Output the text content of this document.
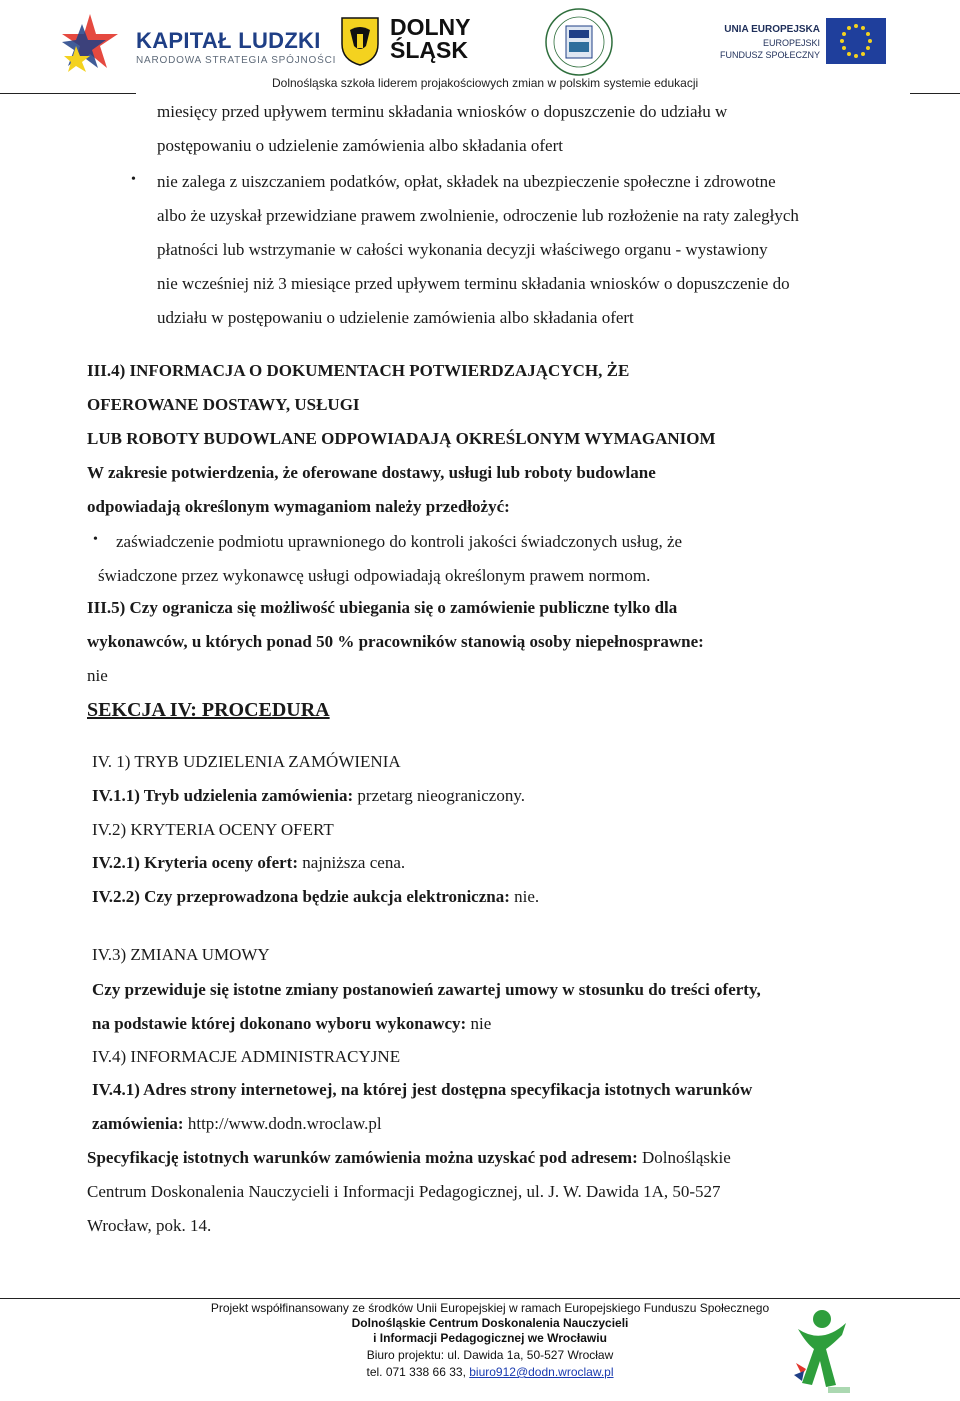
KAPITAŁ LUDZKI
NARODOWA STRATEGIA SPÓJNOŚCI
DOLNY
ŚLĄSK
UNIA EUROPEJSKA
EUROPEJSKI
FUNDUSZ SPOŁECZNY
Dolnośląska szkoła liderem projakościowych zmian w polskim systemie edukacji
miesięcy przed upływem terminu składania wniosków o dopuszczenie do udziału w
postępowaniu o udzielenie zamówienia albo składania ofert
• nie zalega z uiszczaniem podatków, opłat, składek na ubezpieczenie społeczne i zdrowotne
albo że uzyskał przewidziane prawem zwolnienie, odroczenie lub rozłożenie na raty zaległych
płatności lub wstrzymanie w całości wykonania decyzji właściwego organu - wystawiony
nie wcześniej niż 3 miesiące przed upływem terminu składania wniosków o dopuszczenie do
udziału w postępowaniu o udzielenie zamówienia albo składania ofert
III.4) INFORMACJA O DOKUMENTACH POTWIERDZAJĄCYCH, ŻE
OFEROWANE DOSTAWY, USŁUGI
LUB ROBOTY BUDOWLANE ODPOWIADAJĄ OKREŚLONYM WYMAGANIOM
W zakresie potwierdzenia, że oferowane dostawy, usługi lub roboty budowlane
odpowiadają określonym wymaganiom należy przedłożyć:
• zaświadczenie podmiotu uprawnionego do kontroli jakości świadczonych usług, że
świadczone przez wykonawcę usługi odpowiadają określonym prawem normom.
III.5) Czy ogranicza się możliwość ubiegania się o zamówienie publiczne tylko dla
wykonawców, u których ponad 50 % pracowników stanowią osoby niepełnosprawne:
nie
SEKCJA IV: PROCEDURA
IV. 1) TRYB UDZIELENIA ZAMÓWIENIA
IV.1.1) Tryb udzielenia zamówienia: przetarg nieograniczony.
IV.2) KRYTERIA OCENY OFERT
IV.2.1) Kryteria oceny ofert: najniższa cena.
IV.2.2) Czy przeprowadzona będzie aukcja elektroniczna: nie.
IV.3) ZMIANA UMOWY
Czy przewiduje się istotne zmiany postanowień zawartej umowy w stosunku do treści oferty,
na podstawie której dokonano wyboru wykonawcy: nie
IV.4) INFORMACJE ADMINISTRACYJNE
IV.4.1) Adres strony internetowej, na której jest dostępna specyfikacja istotnych warunków
zamówienia: http://www.dodn.wroclaw.pl
Specyfikację istotnych warunków zamówienia można uzyskać pod adresem: Dolnośląskie
Centrum Doskonalenia Nauczycieli i Informacji Pedagogicznej, ul. J. W. Dawida 1A, 50-527
Wrocław, pok. 14.
Projekt współfinansowany ze środków Unii Europejskiej w ramach Europejskiego Funduszu Społecznego
Dolnośląskie Centrum Doskonalenia Nauczycieli
i Informacji Pedagogicznej we Wrocławiu
Biuro projektu: ul. Dawida 1a, 50-527 Wrocław
tel. 071 338 66 33, biuro912@dodn.wroclaw.pl
